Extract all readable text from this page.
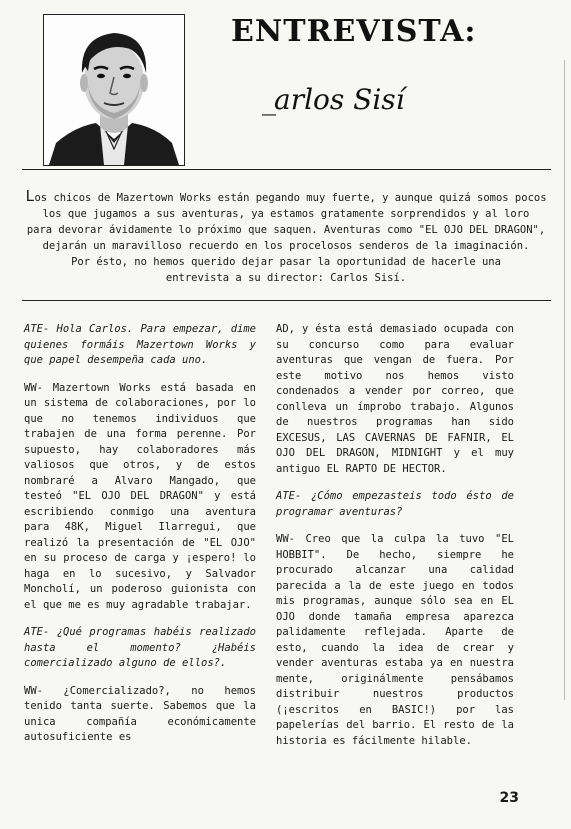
ENTREVISTA:
_arlos Sisí
Los chicos de Mazertown Works están pegando muy fuerte, y aunque quizá somos pocos
los que jugamos a sus aventuras, ya estamos gratamente sorprendidos y al loro
para devorar ávidamente lo próximo que saquen. Aventuras como "EL OJO DEL DRAGON",
dejarán un maravilloso recuerdo en los procelosos senderos de la imaginación.
Por ésto, no hemos querido dejar pasar la oportunidad de hacerle una
entrevista a su director: Carlos Sisí.

ATE- Hola Carlos. Para empezar, dime quienes formáis Mazertown Works y que papel desempeña cada uno.

WW- Mazertown Works está basada en un sistema de colaboraciones, por lo que no tenemos individuos que trabajen de una forma perenne. Por supuesto, hay colaboradores más valiosos que otros, y de estos nombraré a Alvaro Mangado, que testeó "EL OJO DEL DRAGON" y está escribiendo conmigo una aventura para 48K, Miguel Ilarregui, que realizó la presentación de "EL OJO" en su proceso de carga y ¡espero! lo haga en lo sucesivo, y Salvador Moncholí, un poderoso guionista con el que me es muy agradable trabajar.

ATE- ¿Qué programas habéis realizado hasta el momento? ¿Habéis comercializado alguno de ellos?.

WW- ¿Comercializado?, no hemos tenido tanta suerte. Sabemos que la unica compañía económicamente autosuficiente es

AD, y ésta está demasiado ocupada con su concurso como para evaluar aventuras que vengan de fuera. Por este motivo nos hemos visto condenados a vender por correo, que conlleva un ímprobo trabajo. Algunos de nuestros programas han sido EXCESUS, LAS CAVERNAS DE FAFNIR, EL OJO DEL DRAGON, MIDNIGHT y el muy antiguo EL RAPTO DE HECTOR.

ATE- ¿Cómo empezasteis todo ésto de programar aventuras?

WW- Creo que la culpa la tuvo "EL HOBBIT". De hecho, siempre he procurado alcanzar una calidad parecida a la de este juego en todos mis programas, aunque sólo sea en EL OJO donde tamaña empresa aparezca palidamente reflejada. Aparte de esto, cuando la idea de crear y vender aventuras estaba ya en nuestra mente, originálmente pensábamos distribuir nuestros productos (¡escritos en BASIC!) por las papelerías del barrio. El resto de la historia es fácilmente hilable.

23
